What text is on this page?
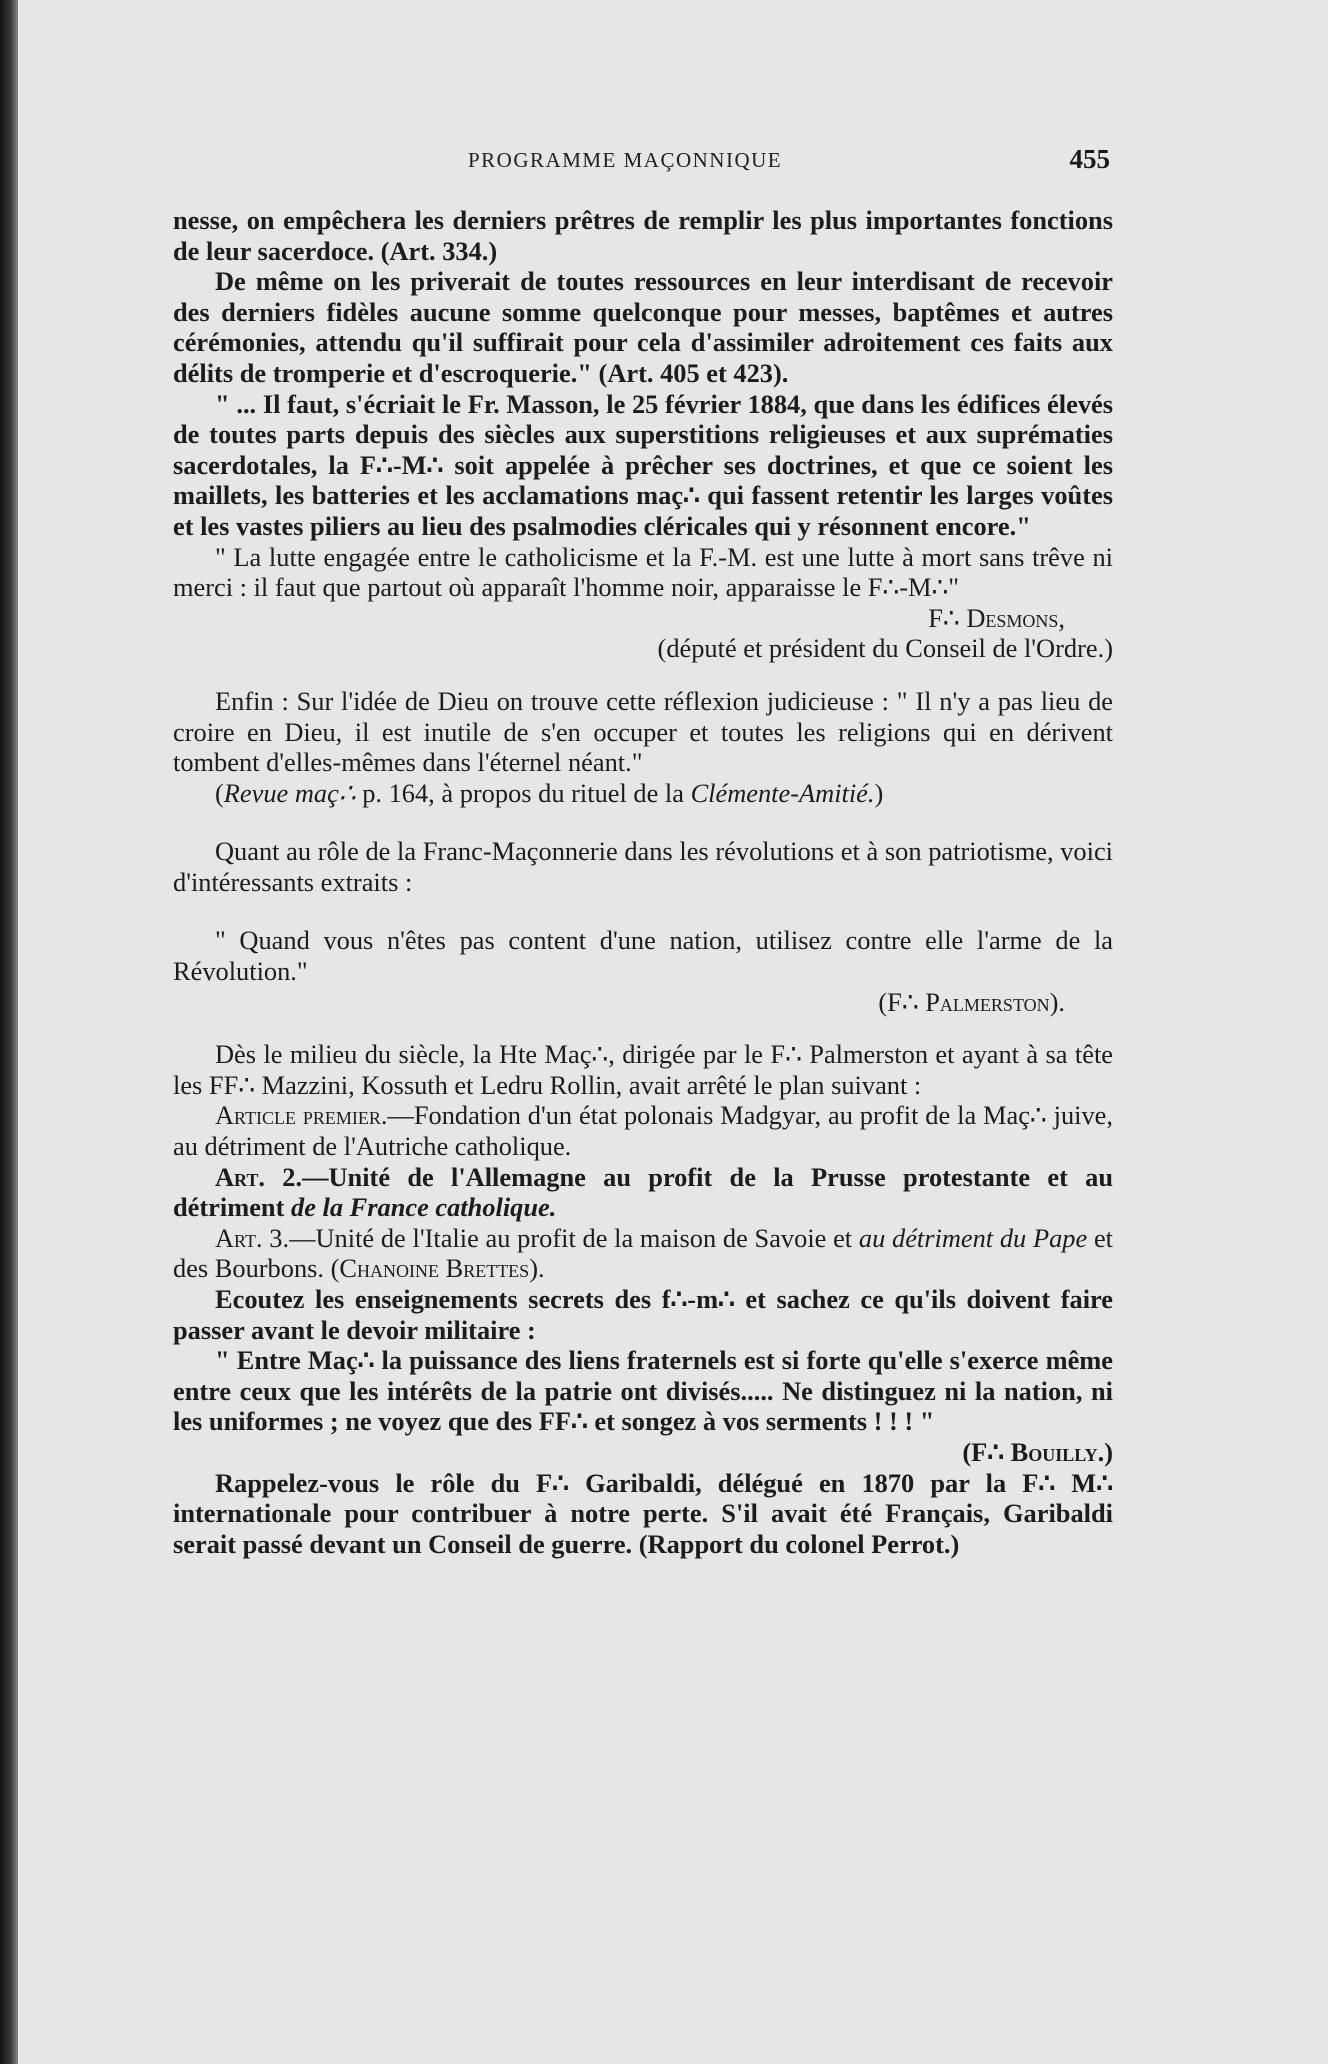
PROGRAMME MAÇONNIQUE	455

nesse, on empêchera les derniers prêtres de remplir les plus importantes fonctions de leur sacerdoce. (Art. 334.)

De même on les priverait de toutes ressources en leur interdisant de recevoir des derniers fidèles aucune somme quelconque pour messes, baptêmes et autres cérémonies, attendu qu'il suffirait pour cela d'assimiler adroitement ces faits aux délits de tromperie et d'escroquerie." (Art. 405 et 423).

" ... Il faut, s'écriait le Fr. Masson, le 25 février 1884, que dans les édifices élevés de toutes parts depuis des siècles aux superstitions religieuses et aux suprématies sacerdotales, la F∴-M∴ soit appelée à prêcher ses doctrines, et que ce soient les maillets, les batteries et les acclamations maç∴ qui fassent retentir les larges voûtes et les vastes piliers au lieu des psalmodies cléricales qui y résonnent encore."

" La lutte engagée entre le catholicisme et la F.-M. est une lutte à mort sans trêve ni merci : il faut que partout où apparaît l'homme noir, apparaisse le F∴-M∴"

F∴ Desmons,

(député et président du Conseil de l'Ordre.)

Enfin : Sur l'idée de Dieu on trouve cette réflexion judicieuse : " Il n'y a pas lieu de croire en Dieu, il est inutile de s'en occuper et toutes les religions qui en dérivent tombent d'elles-mêmes dans l'éternel néant."

(Revue maç∴ p. 164, à propos du rituel de la Clémente-Amitié.)

Quant au rôle de la Franc-Maçonnerie dans les révolutions et à son patriotisme, voici d'intéressants extraits :

" Quand vous n'êtes pas content d'une nation, utilisez contre elle l'arme de la Révolution."

(F∴ Palmerston).

Dès le milieu du siècle, la Hte Maç∴, dirigée par le F∴ Palmerston et ayant à sa tête les FF∴ Mazzini, Kossuth et Ledru Rollin, avait arrêté le plan suivant :

Article premier.—Fondation d'un état polonais Madgyar, au profit de la Maç∴ juive, au détriment de l'Autriche catholique.

Art. 2.—Unité de l'Allemagne au profit de la Prusse protestante et au détriment de la France catholique.

Art. 3.—Unité de l'Italie au profit de la maison de Savoie et au détriment du Pape et des Bourbons. (Chanoine Brettes).

Ecoutez les enseignements secrets des f∴-m∴ et sachez ce qu'ils doivent faire passer avant le devoir militaire :

" Entre Maç∴ la puissance des liens fraternels est si forte qu'elle s'exerce même entre ceux que les intérêts de la patrie ont divisés..... Ne distinguez ni la nation, ni les uniformes ; ne voyez que des FF∴ et songez à vos serments ! ! ! "
(F∴ Bouilly.)

Rappelez-vous le rôle du F∴ Garibaldi, délégué en 1870 par la F∴ M∴ internationale pour contribuer à notre perte. S'il avait été Français, Garibaldi serait passé devant un Conseil de guerre. (Rapport du colonel Perrot.)
